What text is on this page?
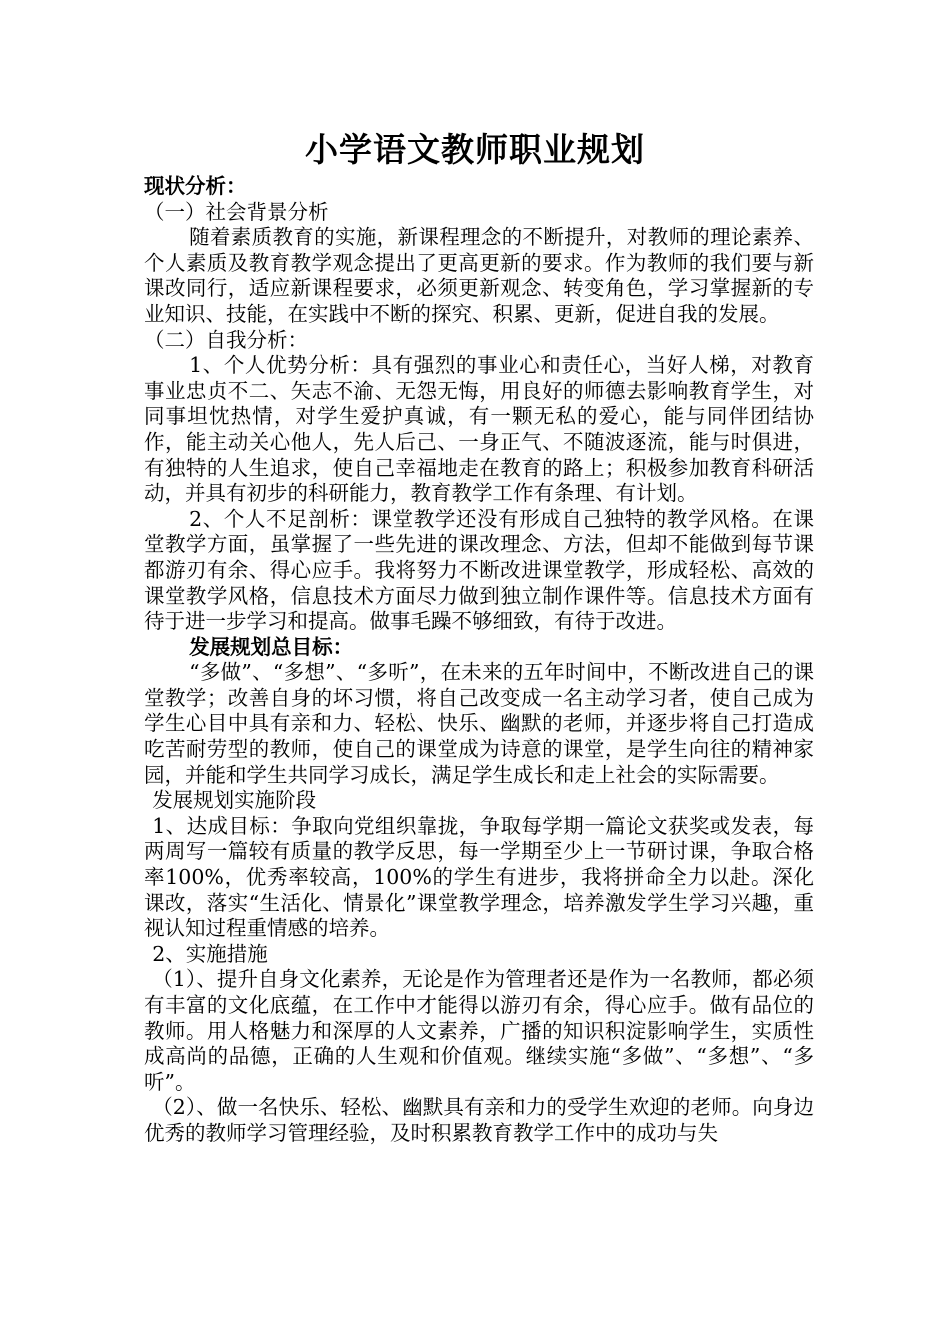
小学语文教师职业规划

现状分析：

（一）社会背景分析

随着素质教育的实施，新课程理念的不断提升，对教师的理论素养、个人素质及教育教学观念提出了更高更新的要求。作为教师的我们要与新课改同行，适应新课程要求，必须更新观念、转变角色，学习掌握新的专业知识、技能，在实践中不断的探究、积累、更新，促进自我的发展。

（二）自我分析：

1、个人优势分析：具有强烈的事业心和责任心，当好人梯，对教育事业忠贞不二、矢志不渝、无怨无悔，用良好的师德去影响教育学生，对同事坦忱热情，对学生爱护真诚，有一颗无私的爱心，能与同伴团结协作，能主动关心他人，先人后己、一身正气、不随波逐流，能与时俱进，有独特的人生追求，使自己幸福地走在教育的路上；积极参加教育科研活动，并具有初步的科研能力，教育教学工作有条理、有计划。

2、个人不足剖析：课堂教学还没有形成自己独特的教学风格。在课堂教学方面，虽掌握了一些先进的课改理念、方法，但却不能做到每节课都游刃有余、得心应手。我将努力不断改进课堂教学，形成轻松、高效的课堂教学风格，信息技术方面尽力做到独立制作课件等。信息技术方面有待于进一步学习和提高。做事毛躁不够细致，有待于改进。

发展规划总目标：

“多做”、“多想”、“多听”，在未来的五年时间中，不断改进自己的课堂教学；改善自身的坏习惯，将自己改变成一名主动学习者，使自己成为学生心目中具有亲和力、轻松、快乐、幽默的老师，并逐步将自己打造成吃苦耐劳型的教师，使自己的课堂成为诗意的课堂，是学生向往的精神家园，并能和学生共同学习成长，满足学生成长和走上社会的实际需要。

发展规划实施阶段

1、达成目标：争取向党组织靠拢，争取每学期一篇论文获奖或发表，每两周写一篇较有质量的教学反思，每一学期至少上一节研讨课，争取合格率100%，优秀率较高，100%的学生有进步，我将拼命全力以赴。深化课改，落实“生活化、情景化”课堂教学理念，培养激发学生学习兴趣，重视认知过程重情感的培养。

2、实施措施

（1）、提升自身文化素养，无论是作为管理者还是作为一名教师，都必须有丰富的文化底蕴，在工作中才能得以游刃有余，得心应手。做有品位的教师。用人格魅力和深厚的人文素养，广播的知识积淀影响学生，实质性成高尚的品德，正确的人生观和价值观。继续实施“多做”、“多想”、“多听”。

（2）、做一名快乐、轻松、幽默具有亲和力的受学生欢迎的老师。向身边优秀的教师学习管理经验，及时积累教育教学工作中的成功与失
